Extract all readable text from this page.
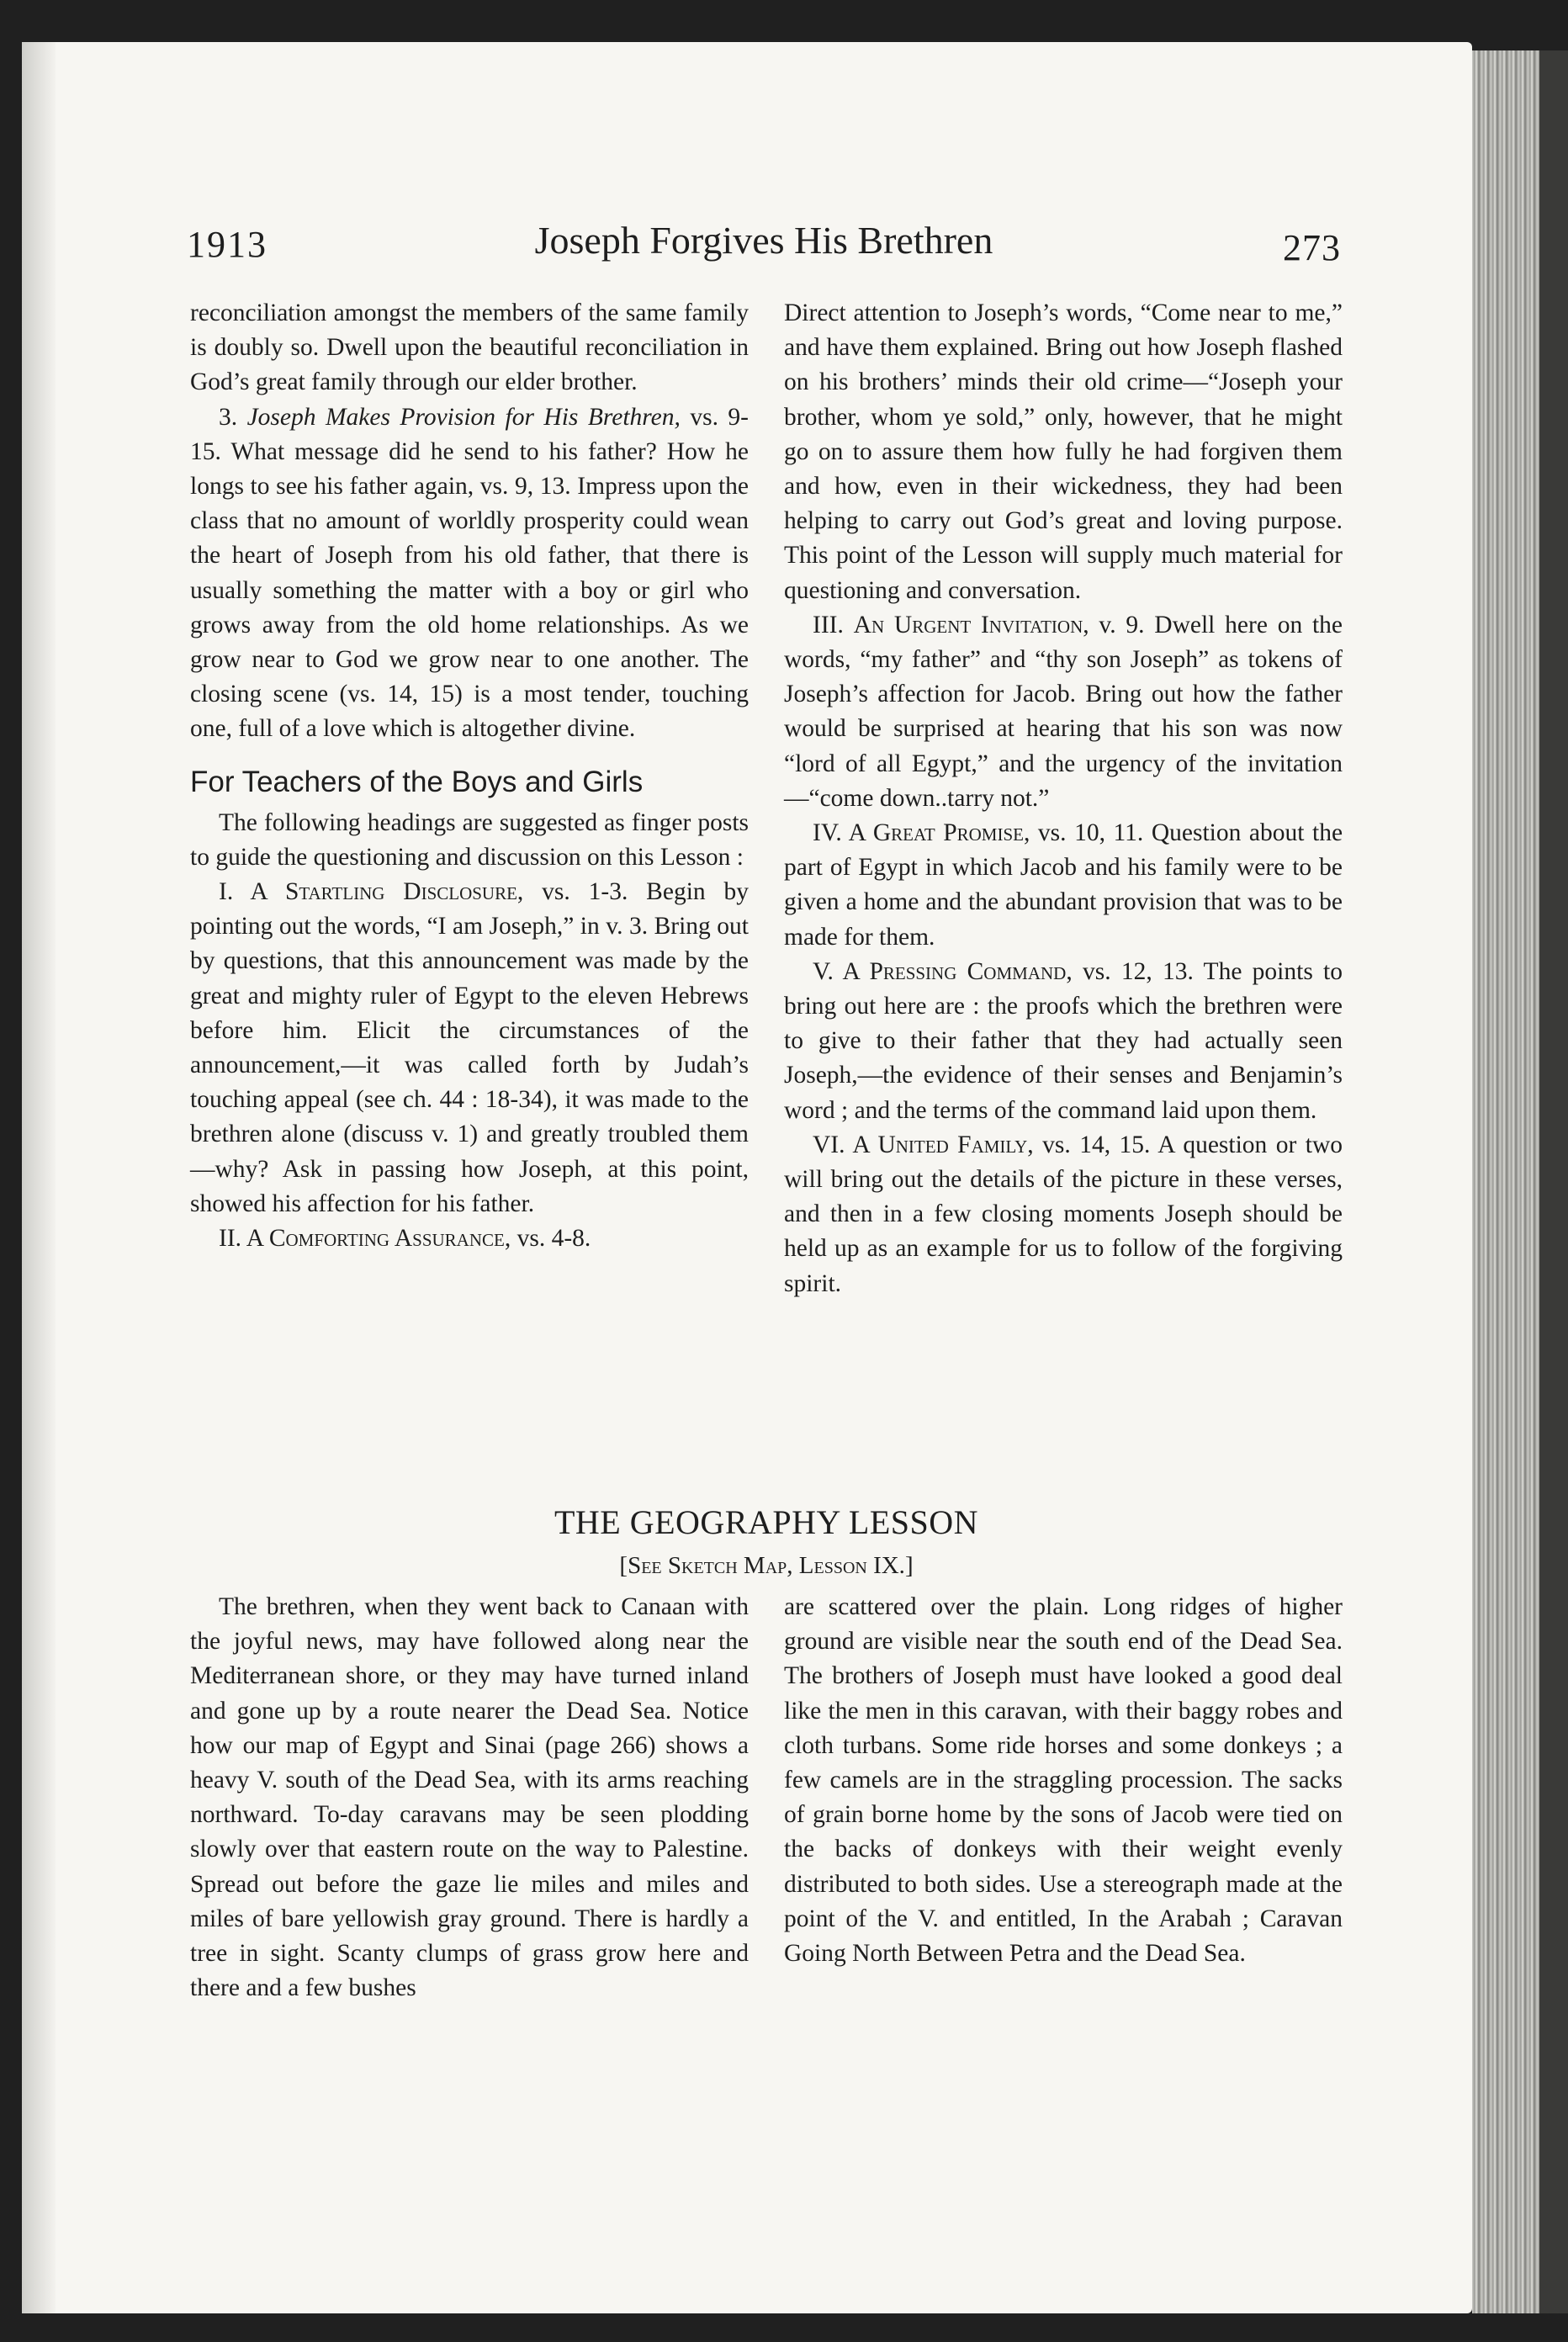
1913	Joseph Forgives His Brethren	273

reconciliation amongst the members of the same family is doubly so. Dwell upon the beautiful reconciliation in God’s great family through our elder brother.

3. Joseph Makes Provision for His Brethren, vs. 9-15. What message did he send to his father? How he longs to see his father again, vs. 9, 13. Impress upon the class that no amount of worldly prosperity could wean the heart of Joseph from his old father, that there is usually something the matter with a boy or girl who grows away from the old home relationships. As we grow near to God we grow near to one another. The closing scene (vs. 14, 15) is a most tender, touching one, full of a love which is altogether divine.

For Teachers of the Boys and Girls

The following headings are suggested as finger posts to guide the questioning and discussion on this Lesson :

I. A Startling Disclosure, vs. 1-3. Begin by pointing out the words, “I am Joseph,” in v. 3. Bring out by questions, that this announcement was made by the great and mighty ruler of Egypt to the eleven Hebrews before him. Elicit the circumstances of the announcement,—it was called forth by Judah’s touching appeal (see ch. 44 : 18-34), it was made to the brethren alone (discuss v. 1) and greatly troubled them—why? Ask in passing how Joseph, at this point, showed his affection for his father.

II. A Comforting Assurance, vs. 4-8.

Direct attention to Joseph’s words, “Come near to me,” and have them explained. Bring out how Joseph flashed on his brothers’ minds their old crime—“Joseph your brother, whom ye sold,” only, however, that he might go on to assure them how fully he had forgiven them and how, even in their wickedness, they had been helping to carry out God’s great and loving purpose. This point of the Lesson will supply much material for questioning and conversation.

III. An Urgent Invitation, v. 9. Dwell here on the words, “my father” and “thy son Joseph” as tokens of Joseph’s affection for Jacob. Bring out how the father would be surprised at hearing that his son was now “lord of all Egypt,” and the urgency of the invitation—“come down..tarry not.”

IV. A Great Promise, vs. 10, 11. Question about the part of Egypt in which Jacob and his family were to be given a home and the abundant provision that was to be made for them.

V. A Pressing Command, vs. 12, 13. The points to bring out here are : the proofs which the brethren were to give to their father that they had actually seen Joseph,—the evidence of their senses and Benjamin’s word ; and the terms of the command laid upon them.

VI. A United Family, vs. 14, 15. A question or two will bring out the details of the picture in these verses, and then in a few closing moments Joseph should be held up as an example for us to follow of the forgiving spirit.

THE GEOGRAPHY LESSON
[See Sketch Map, Lesson IX.]

The brethren, when they went back to Canaan with the joyful news, may have followed along near the Mediterranean shore, or they may have turned inland and gone up by a route nearer the Dead Sea. Notice how our map of Egypt and Sinai (page 266) shows a heavy V. south of the Dead Sea, with its arms reaching northward. To-day caravans may be seen plodding slowly over that eastern route on the way to Palestine. Spread out before the gaze lie miles and miles and miles of bare yellowish gray ground. There is hardly a tree in sight. Scanty clumps of grass grow here and there and a few bushes

are scattered over the plain. Long ridges of higher ground are visible near the south end of the Dead Sea. The brothers of Joseph must have looked a good deal like the men in this caravan, with their baggy robes and cloth turbans. Some ride horses and some donkeys ; a few camels are in the straggling procession. The sacks of grain borne home by the sons of Jacob were tied on the backs of donkeys with their weight evenly distributed to both sides. Use a stereograph made at the point of the V. and entitled, In the Arabah ; Caravan Going North Between Petra and the Dead Sea.
